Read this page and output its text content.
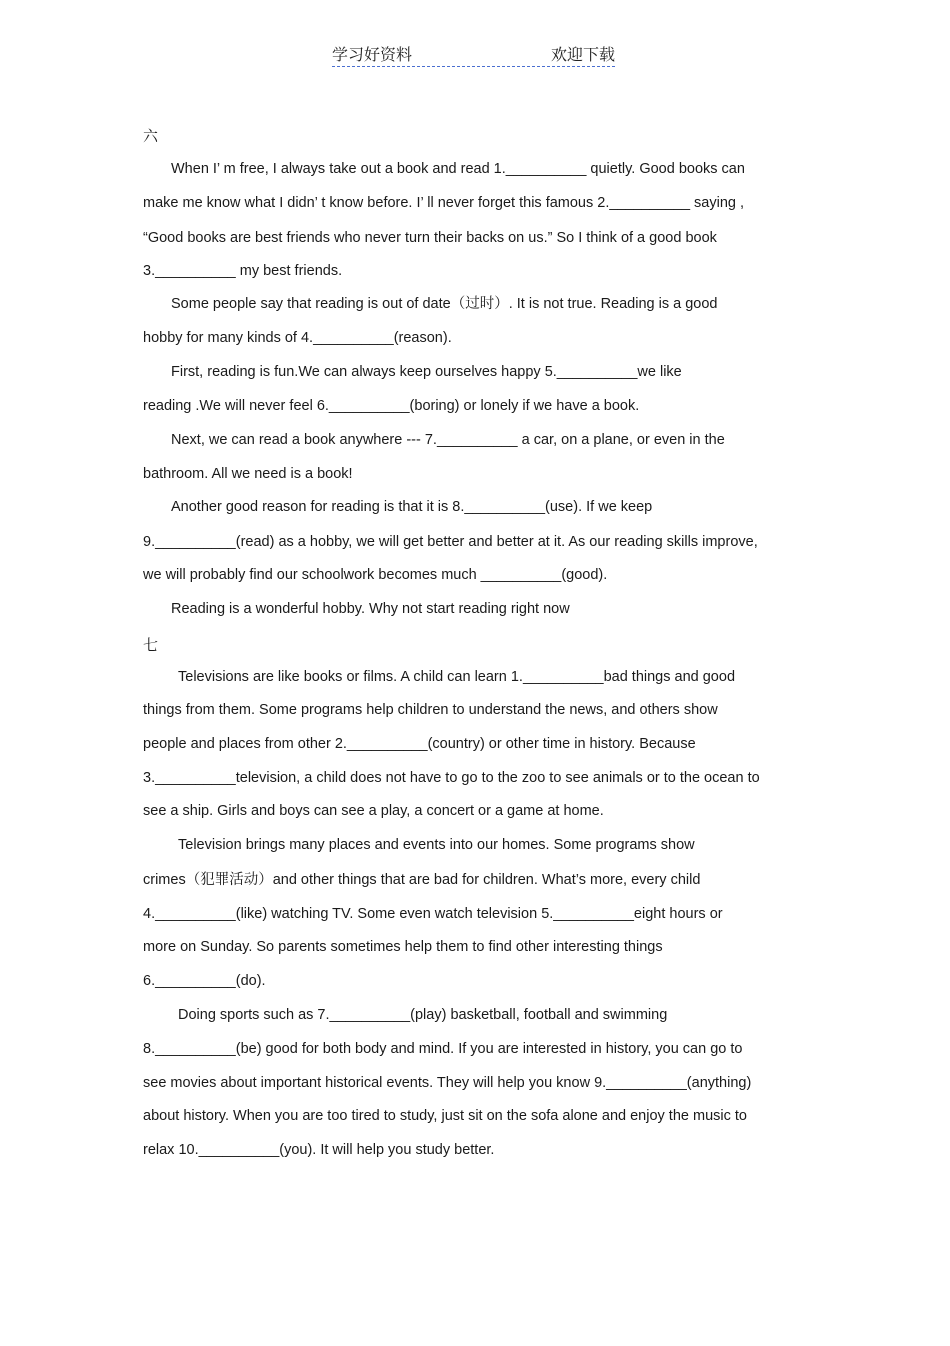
学习好资料	欢迎下载
六
When I’ m free, I always take out a book and read 1.__________ quietly. Good books can
make me know what I didn’ t know before. I’ ll never forget this famous 2.__________ saying ,
“Good books are best friends who never turn their backs on us.” So I think of a good book
3.__________ my best friends.
Some people say that reading is out of date（过时）. It is not true. Reading is a good
hobby for many kinds of 4.__________(reason).
First, reading is fun.We can always keep ourselves happy 5.__________we like
reading .We will never feel 6.__________(boring) or lonely if we have a book.
Next, we can read a book anywhere --- 7.__________ a car, on a plane, or even in the
bathroom. All we need is a book!
Another good reason for reading is that it is 8.__________(use). If we keep
9.__________(read) as a hobby, we will get better and better at it. As our reading skills improve,
we will probably find our schoolwork becomes much __________(good).
Reading is a wonderful hobby. Why not start reading right now
七
Televisions are like books or films. A child can learn 1.__________bad things and good
things from them. Some programs help children to understand the news, and others show
people and places from other 2.__________(country) or other time in history. Because
3.__________television, a child does not have to go to the zoo to see animals or to the ocean to
see a ship. Girls and boys can see a play, a concert or a game at home.
Television brings many places and events into our homes. Some programs show
crimes（犯罪活动）and other things that are bad for children. What’s more, every child
4.__________(like) watching TV. Some even watch television 5.__________eight hours or
more on Sunday. So parents sometimes help them to find other interesting things
6.__________(do).
Doing sports such as 7.__________(play) basketball, football and swimming
8.__________(be) good for both body and mind. If you are interested in history, you can go to
see movies about important historical events. They will help you know 9.__________(anything)
about history. When you are too tired to study, just sit on the sofa alone and enjoy the music to
relax 10.__________(you). It will help you study better.
